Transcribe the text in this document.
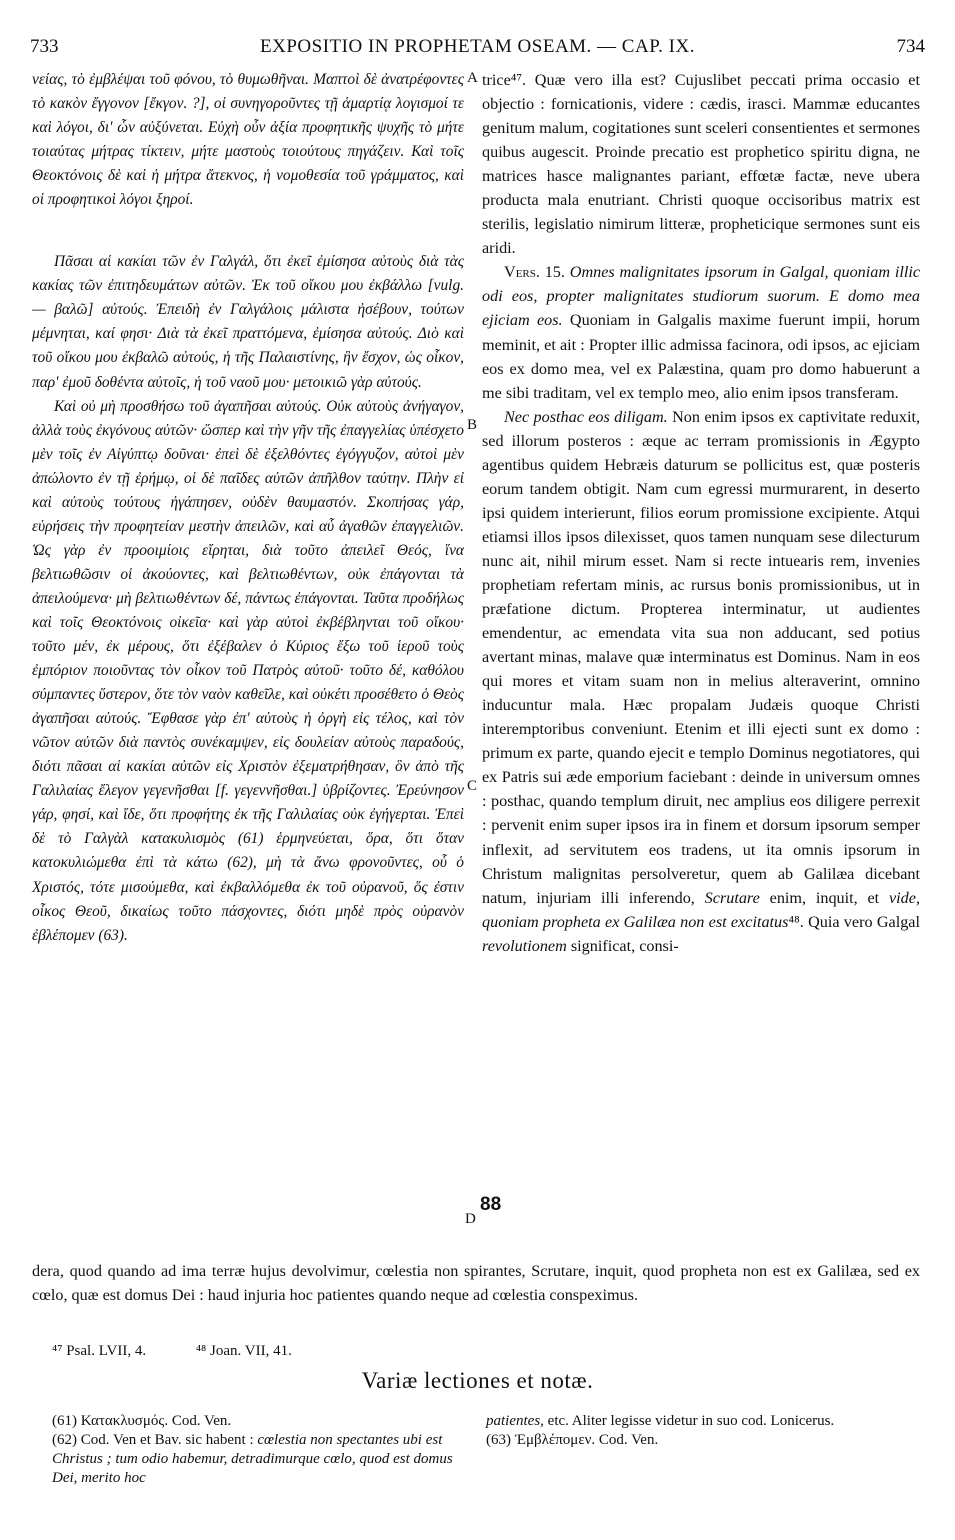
733	EXPOSITIO IN PROPHETAM OSEAM. — CAP. IX.	734

νείας, τὸ ἐμβλέψαι τοῦ φόνου, τὸ θυμωθῆναι. Μαπτοὶ δὲ ἀνατρέφοντες τὸ κακὸν ἔγγονον [ἔκγον. ?], οἱ συνηγοροῦντες τῇ ἁμαρτίᾳ λογισμοί τε καὶ λόγοι, δι' ὧν αὐξύνεται. Εὐχὴ οὖν ἀξία προφητικῆς ψυχῆς τὸ μήτε τοιαύτας μήτρας τίκτειν, μήτε μαστοὺς τοιούτους πηγάζειν. Καὶ τοῖς Θεοκτόνοις δὲ καὶ ἡ μήτρα ἄτεκνος, ἡ νομοθεσία τοῦ γράμματος, καὶ οἱ προφητικοὶ λόγοι ξηροί.

Πᾶσαι αἱ κακίαι τῶν ἐν Γαλγάλ, ὅτι ἐκεῖ ἐμίσησα αὐτοὺς διὰ τὰς κακίας τῶν ἐπιτηδευμάτων αὐτῶν. Ἐκ τοῦ οἴκου μου ἐκβάλλω [vulg. — βαλῶ] αὐτούς. Ἐπειδὴ ἐν Γαλγάλοις μάλιστα ἠσέβουν, τούτων μέμνηται, καί φησι· Διὰ τὰ ἐκεῖ πραττόμενα, ἐμίσησα αὐτούς. Διὸ καὶ τοῦ οἴκου μου ἐκβαλῶ αὐτούς, ἡ τῆς Παλαιστίνης, ἣν ἔσχον, ὡς οἶκον, παρ' ἐμοῦ δοθέντα αὐτοῖς, ἡ τοῦ ναοῦ μου· μετοικιῶ γὰρ αὐτούς.

Καὶ οὐ μὴ προσθήσω τοῦ ἀγαπῆσαι αὐτούς. Οὐκ αὐτοὺς ἀνήγαγον, ἀλλὰ τοὺς ἐκγόνους αὐτῶν· ὥσπερ καὶ τὴν γῆν τῆς ἐπαγγελίας ὑπέσχετο μὲν τοῖς ἐν Αἰγύπτῳ δοῦναι· ἐπεὶ δὲ ἐξελθόντες ἐγόγγυζον, αὐτοὶ μὲν ἀπώλοντο ἐν τῇ ἐρήμῳ, οἱ δὲ παῖδες αὐτῶν ἀπῆλθον ταύτην. Πλὴν εἰ καὶ αὐτοὺς τούτους ἠγάπησεν, οὐδὲν θαυμαστόν. Σκοπήσας γάρ, εὑρήσεις τὴν προφητείαν μεστὴν ἀπειλῶν, καὶ αὖ ἀγαθῶν ἐπαγγελιῶν. Ὡς γὰρ ἐν προοιμίοις εἴρηται, διὰ τοῦτο ἀπειλεῖ Θεός, ἵνα βελτιωθῶσιν οἱ ἀκούοντες, καὶ βελτιωθέντων, οὐκ ἐπάγονται τὰ ἀπειλούμενα· μὴ βελτιωθέντων δέ, πάντως ἐπάγονται. Ταῦτα προδήλως καὶ τοῖς Θεοκτόνοις οἰκεῖα· καὶ γὰρ αὐτοὶ ἐκβέβληνται τοῦ οἴκου· τοῦτο μέν, ἐκ μέρους, ὅτι ἐξέβαλεν ὁ Κύριος ἔξω τοῦ ἱεροῦ τοὺς ἐμπόριον ποιοῦντας τὸν οἶκον τοῦ Πατρὸς αὐτοῦ· τοῦτο δέ, καθόλου σύμπαντες ὕστερον, ὅτε τὸν ναὸν καθεῖλε, καὶ οὐκέτι προσέθετο ὁ Θεὸς ἀγαπῆσαι αὐτούς. Ἔφθασε γὰρ ἐπ' αὐτοὺς ἡ ὀργὴ εἰς τέλος, καὶ τὸν νῶτον αὐτῶν διὰ παντὸς συνέκαμψεν, εἰς δουλείαν αὐτοὺς παραδούς, διότι πᾶσαι αἱ κακίαι αὐτῶν εἰς Χριστὸν ἐξεματρήθησαν, ὃν ἀπὸ τῆς Γαλιλαίας ἔλεγον γεγενῆσθαι [f. γεγεννῆσθαι.] ὑβρίζοντες. Ἐρεύνησον γάρ, φησί, καὶ ἴδε, ὅτι προφήτης ἐκ τῆς Γαλιλαίας οὐκ ἐγήγερται. Ἐπεὶ δὲ τὸ Γαλγὰλ κατακυλισμὸς (61) ἑρμηνεύεται, ὅρα, ὅτι ὅταν κατοκυλιώμεθα ἐπὶ τὰ κάτω (62), μὴ τὰ ἄνω φρονοῦντες, οὗ ὁ Χριστός, τότε μισούμεθα, καὶ ἐκβαλλόμεθα ἐκ τοῦ οὐρανοῦ, ὅς ἐστιν οἶκος Θεοῦ, δικαίως τοῦτο πάσχοντες, διότι μηδὲ πρὸς οὐρανὸν ἐβλέπομεν (63).

A
B
C
D
88

trice⁴⁷. Quæ vero illa est? Cujuslibet peccati prima occasio et objectio : fornicationis, videre : cædis, irasci. Mammæ educantes genitum malum, cogitationes sunt sceleri consentientes et sermones quibus augescit. Proinde precatio est prophetico spiritu digna, ne matrices hasce malignantes pariant, effœtæ factæ, neve ubera producta mala enutriant. Christi quoque occisoribus matrix est sterilis, legislatio nimirum litteræ, propheticique sermones sunt eis aridi.

Vers. 15. Omnes malignitates ipsorum in Galgal, quoniam illic odi eos, propter malignitates studiorum suorum. E domo mea ejiciam eos. Quoniam in Galgalis maxime fuerunt impii, horum meminit, et ait : Propter illic admissa facinora, odi ipsos, ac ejiciam eos ex domo mea, vel ex Palæstina, quam pro domo habuerunt a me sibi traditam, vel ex templo meo, alio enim ipsos transferam.

Nec posthac eos diligam. Non enim ipsos ex captivitate reduxit, sed illorum posteros : æque ac terram promissionis in Ægypto agentibus quidem Hebræis daturum se pollicitus est, quæ posteris eorum tandem obtigit. Nam cum egressi murmurarent, in deserto ipsi quidem interierunt, filios eorum promissione excipiente. Atqui etiamsi illos ipsos dilexisset, quos tamen nunquam sese dilecturum nunc ait, nihil mirum esset. Nam si recte intuearis rem, invenies prophetiam refertam minis, ac rursus bonis promissionibus, ut in præfatione dictum. Propterea interminatur, ut audientes emendentur, ac emendata vita sua non adducant, sed potius avertant minas, malave quæ interminatus est Dominus. Nam in eos qui mores et vitam suam non in melius alteraverint, omnino inducuntur mala. Hæc propalam Judæis quoque Christi interemptoribus conveniunt. Etenim et illi ejecti sunt ex domo : primum ex parte, quando ejecit e templo Dominus negotiatores, qui ex Patris sui æde emporium faciebant : deinde in universum omnes : posthac, quando templum diruit, nec amplius eos diligere perrexit : pervenit enim super ipsos ira in finem et dorsum ipsorum semper inflexit, ad servitutem eos tradens, ut ita omnis ipsorum in Christum malignitas persolveretur, quem ab Galilæa dicebant natum, injuriam illi inferendo, Scrutare enim, inquit, et vide, quoniam propheta ex Galilæa non est excitatus⁴⁸. Quia vero Galgal revolutionem significat, consi-

dera, quod quando ad ima terræ hujus devolvimur, cœlestia non spirantes, Scrutare, inquit, quod propheta non est ex Galilæa, sed ex cœlo, quæ est domus Dei : haud injuria hoc patientes quando neque ad cœlestia conspeximus.

⁴⁷ Psal. LVII, 4.	⁴⁸ Joan. VII, 41.
Variæ lectiones et notæ.

(61) Κατακλυσμός. Cod. Ven.

(62) Cod. Ven et Bav. sic habent : cœlestia non spectantes ubi est Christus ; tum odio habemur, detradimurque cœlo, quod est domus Dei, merito hoc

patientes, etc. Aliter legisse videtur in suo cod. Lonicerus.

(63) Ἐμβλέπομεν. Cod. Ven.
